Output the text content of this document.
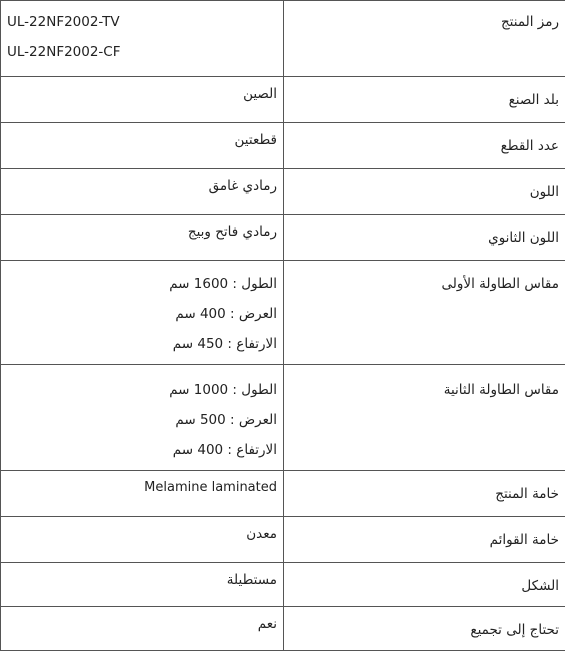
رمز المنتج	UL-22NF2002-TV
UL-22NF2002-CF

بلد الصنع	الصين

عدد القطع	قطعتين

اللون	رمادي غامق

اللون الثانوي	رمادي فاتح وبيج

مقاس الطاولة الأولى	الطول : 1600 سم
العرض : 400 سم
الارتفاع : 450 سم

مقاس الطاولة الثانية	الطول : 1000 سم
العرض : 500 سم
الارتفاع : 400 سم

خامة المنتج	Melamine laminated

خامة القوائم	معدن

الشكل	مستطيلة

تحتاج إلى تجميع	نعم
